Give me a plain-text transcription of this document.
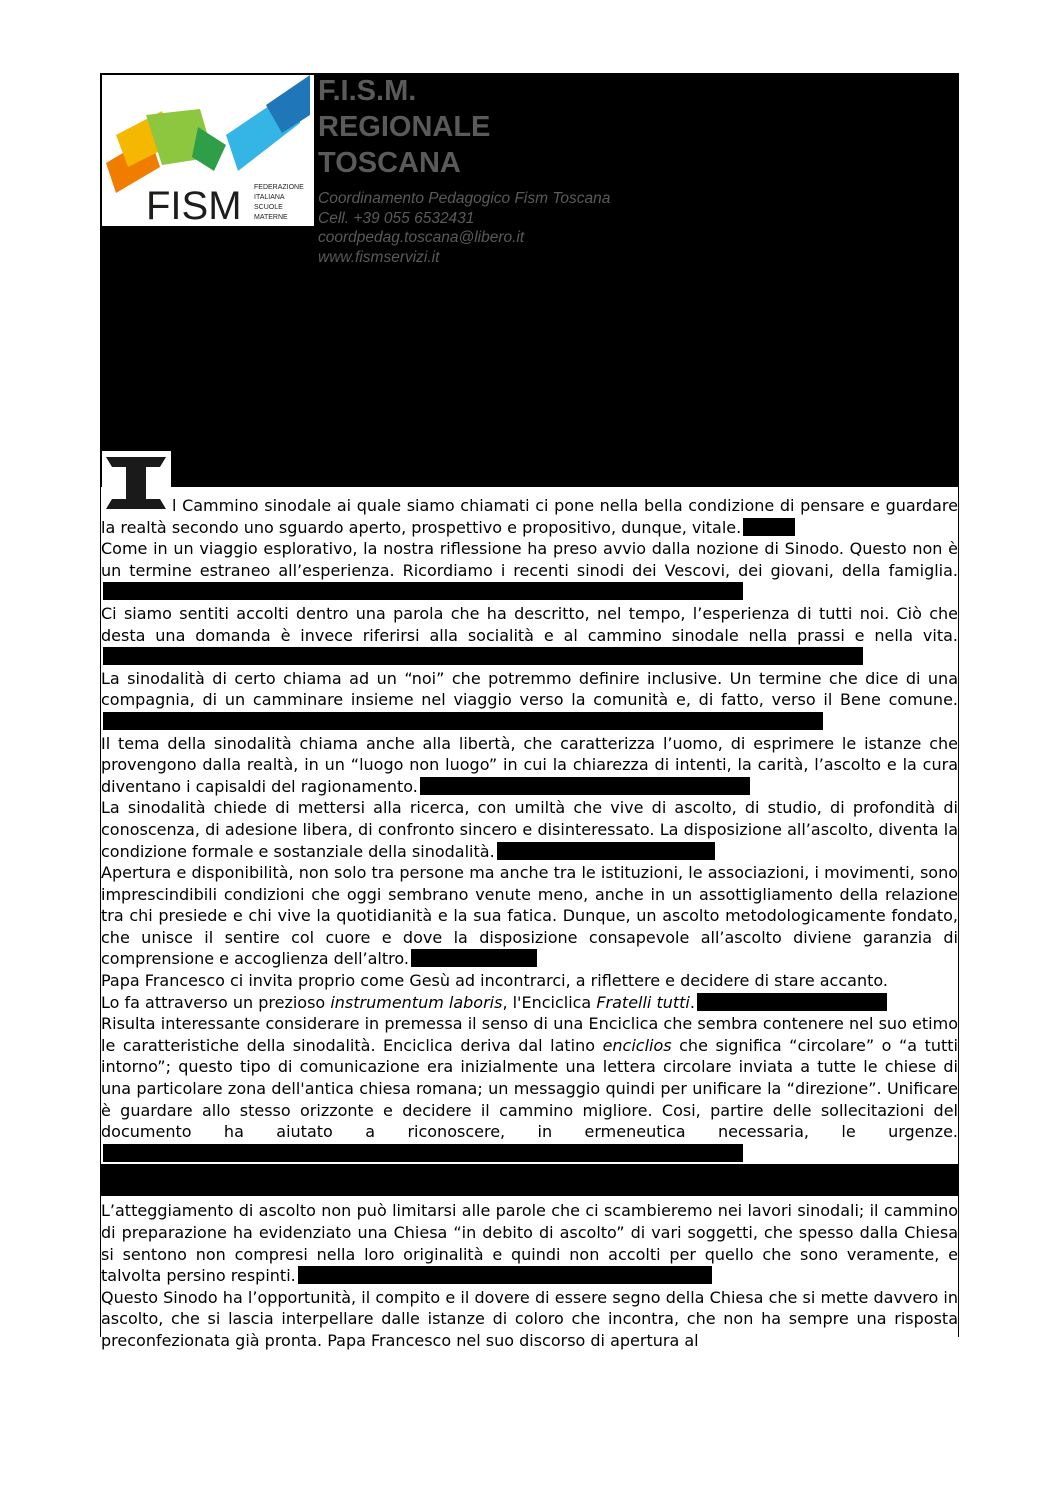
FISM FEDERAZIONE
ITALIANA
SCUOLE
MATERNE
F.I.S.M.
REGIONALE
TOSCANA
Coordinamento Pedagogico Fism Toscana
Cell. +39 055 6532431
coordpedag.toscana@libero.it
www.fismservizi.it
I

l Cammino sinodale ai quale siamo chiamati ci pone nella bella condizione di pensare e guardare la realtà secondo uno sguardo aperto, prospettivo e propositivo, dunque, vitale.

Come in un viaggio esplorativo, la nostra riflessione ha preso avvio dalla nozione di Sinodo. Questo non è un termine estraneo all’esperienza. Ricordiamo i recenti sinodi dei Vescovi, dei giovani, della famiglia.

Ci siamo sentiti accolti dentro una parola che ha descritto, nel tempo, l’esperienza di tutti noi. Ciò che desta una domanda è invece riferirsi alla socialità e al cammino sinodale nella prassi e nella vita.

La sinodalità di certo chiama ad un “noi” che potremmo definire inclusive. Un termine che dice di una compagnia, di un camminare insieme nel viaggio verso la comunità e, di fatto, verso il Bene comune.

Il tema della sinodalità chiama anche alla libertà, che caratterizza l’uomo, di esprimere le istanze che provengono dalla realtà, in un “luogo non luogo” in cui la chiarezza di intenti, la carità, l’ascolto e la cura diventano i capisaldi del ragionamento.

La sinodalità chiede di mettersi alla ricerca, con umiltà che vive di ascolto, di studio, di profondità di conoscenza, di adesione libera, di confronto sincero e disinteressato. La disposizione all’ascolto, diventa la condizione formale e sostanziale della sinodalità.

Apertura e disponibilità, non solo tra persone ma anche tra le istituzioni, le associazioni, i movimenti, sono imprescindibili condizioni che oggi sembrano venute meno, anche in un assottigliamento della relazione tra chi presiede e chi vive la quotidianità e la sua fatica. Dunque, un ascolto metodologicamente fondato, che unisce il sentire col cuore e dove la disposizione consapevole all’ascolto diviene garanzia di comprensione e accoglienza dell’altro.

Papa Francesco ci invita proprio come Gesù ad incontrarci, a riflettere e decidere di stare accanto.

Lo fa attraverso un prezioso instrumentum laboris, l'Enciclica Fratelli tutti.

Risulta interessante considerare in premessa il senso di una Enciclica che sembra contenere nel suo etimo le caratteristiche della sinodalità. Enciclica deriva dal latino enciclios che significa “circolare” o “a tutti intorno”; questo tipo di comunicazione era inizialmente una lettera circolare inviata a tutte le chiese di una particolare zona dell'antica chiesa romana; un messaggio quindi per unificare la “direzione”. Unificare è guardare allo stesso orizzonte e decidere il cammino migliore. Cosi, partire delle sollecitazioni del documento ha aiutato a riconoscere, in ermeneutica necessaria, le urgenze.

L’atteggiamento di ascolto non può limitarsi alle parole che ci scambieremo nei lavori sinodali; il cammino di preparazione ha evidenziato una Chiesa “in debito di ascolto” di vari soggetti, che spesso dalla Chiesa si sentono non compresi nella loro originalità e quindi non accolti per quello che sono veramente, e talvolta persino respinti.

Questo Sinodo ha l’opportunità, il compito e il dovere di essere segno della Chiesa che si mette davvero in ascolto, che si lascia interpellare dalle istanze di coloro che incontra, che non ha sempre una risposta preconfezionata già pronta. Papa Francesco nel suo discorso di apertura al
